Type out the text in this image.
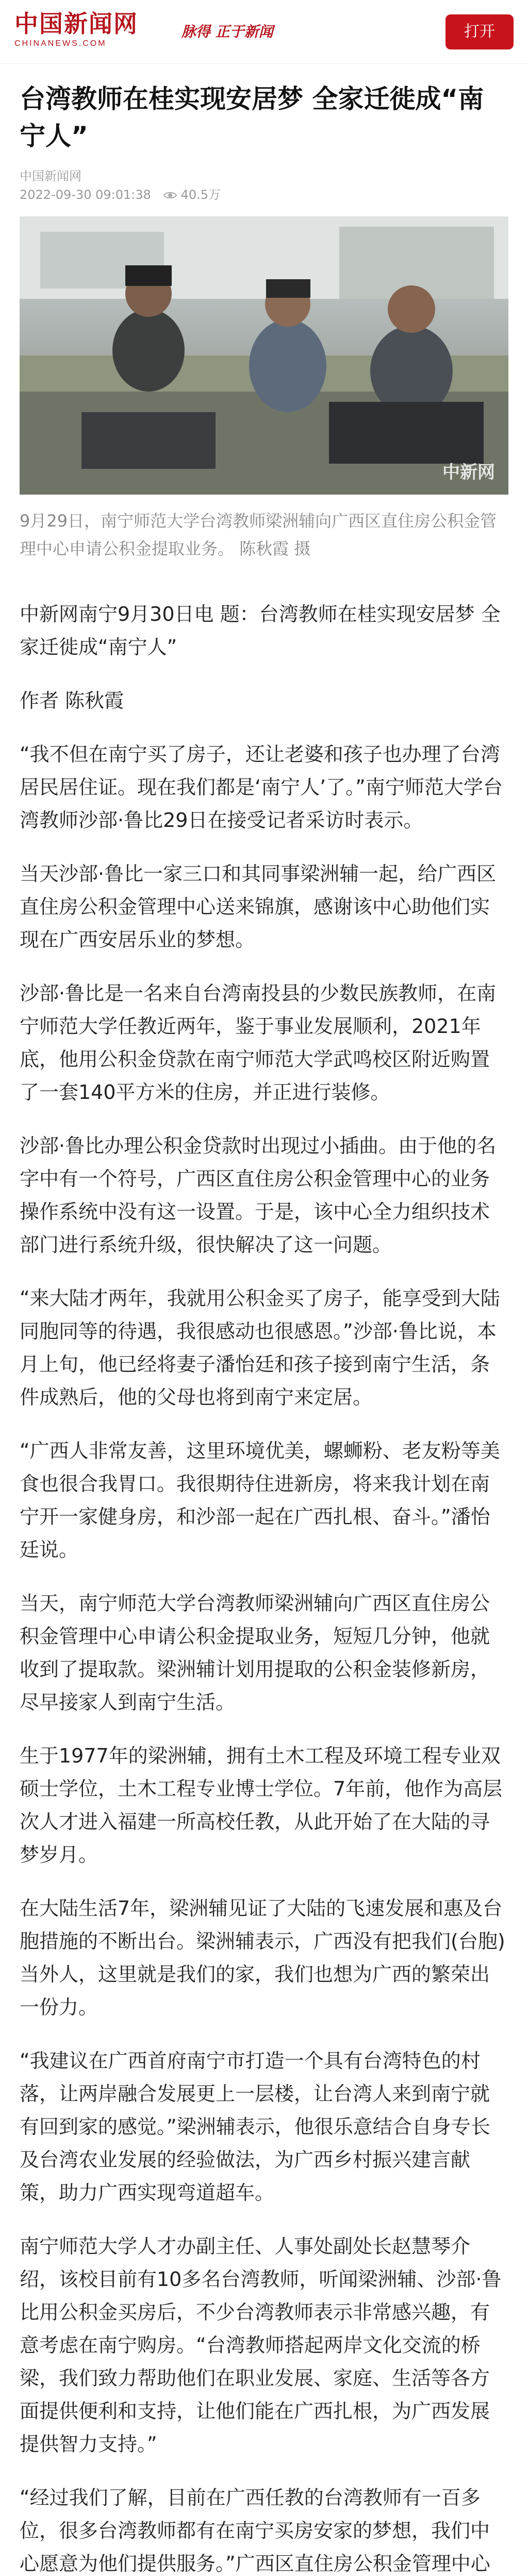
中国新闻网
CHINANEWS.COM
脉得 正于新闻	打开
台湾教师在桂实现安居梦 全家迁徙成“南宁人”
中国新闻网
2022-09-30 09:01:38	40.5万
中新网

9月29日，南宁师范大学台湾教师梁洲辅向广西区直住房公积金管理中心申请公积金提取业务。 陈秋霞 摄

中新网南宁9月30日电 题：台湾教师在桂实现安居梦 全家迁徙成“南宁人”

作者 陈秋霞

“我不但在南宁买了房子，还让老婆和孩子也办理了台湾居民居住证。现在我们都是‘南宁人’了。”南宁师范大学台湾教师沙部·鲁比29日在接受记者采访时表示。

当天沙部·鲁比一家三口和其同事梁洲辅一起，给广西区直住房公积金管理中心送来锦旗，感谢该中心助他们实现在广西安居乐业的梦想。

沙部·鲁比是一名来自台湾南投县的少数民族教师，在南宁师范大学任教近两年，鉴于事业发展顺利，2021年底，他用公积金贷款在南宁师范大学武鸣校区附近购置了一套140平方米的住房，并正进行装修。

沙部·鲁比办理公积金贷款时出现过小插曲。由于他的名字中有一个符号，广西区直住房公积金管理中心的业务操作系统中没有这一设置。于是，该中心全力组织技术部门进行系统升级，很快解决了这一问题。

“来大陆才两年，我就用公积金买了房子，能享受到大陆同胞同等的待遇，我很感动也很感恩。”沙部·鲁比说，本月上旬，他已经将妻子潘怡廷和孩子接到南宁生活，条件成熟后，他的父母也将到南宁来定居。

“广西人非常友善，这里环境优美，螺蛳粉、老友粉等美食也很合我胃口。我很期待住进新房，将来我计划在南宁开一家健身房，和沙部一起在广西扎根、奋斗。”潘怡廷说。

当天，南宁师范大学台湾教师梁洲辅向广西区直住房公积金管理中心申请公积金提取业务，短短几分钟，他就收到了提取款。梁洲辅计划用提取的公积金装修新房，尽早接家人到南宁生活。

生于1977年的梁洲辅，拥有土木工程及环境工程专业双硕士学位，土木工程专业博士学位。7年前，他作为高层次人才进入福建一所高校任教，从此开始了在大陆的寻梦岁月。

在大陆生活7年，梁洲辅见证了大陆的飞速发展和惠及台胞措施的不断出台。梁洲辅表示，广西没有把我们(台胞)当外人，这里就是我们的家，我们也想为广西的繁荣出一份力。

“我建议在广西首府南宁市打造一个具有台湾特色的村落，让两岸融合发展更上一层楼，让台湾人来到南宁就有回到家的感觉。”梁洲辅表示，他很乐意结合自身专长及台湾农业发展的经验做法，为广西乡村振兴建言献策，助力广西实现弯道超车。

南宁师范大学人才办副主任、人事处副处长赵慧琴介绍，该校目前有10多名台湾教师，听闻梁洲辅、沙部·鲁比用公积金买房后，不少台湾教师表示非常感兴趣，有意考虑在南宁购房。“台湾教师搭起两岸文化交流的桥梁，我们致力帮助他们在职业发展、家庭、生活等各方面提供便利和支持，让他们能在广西扎根，为广西发展提供智力支持。”

“经过我们了解，目前在广西任教的台湾教师有一百多位，很多台湾教师都有在南宁买房安家的梦想，我们中心愿意为他们提供服务。”广西区直住房公积金管理中心
